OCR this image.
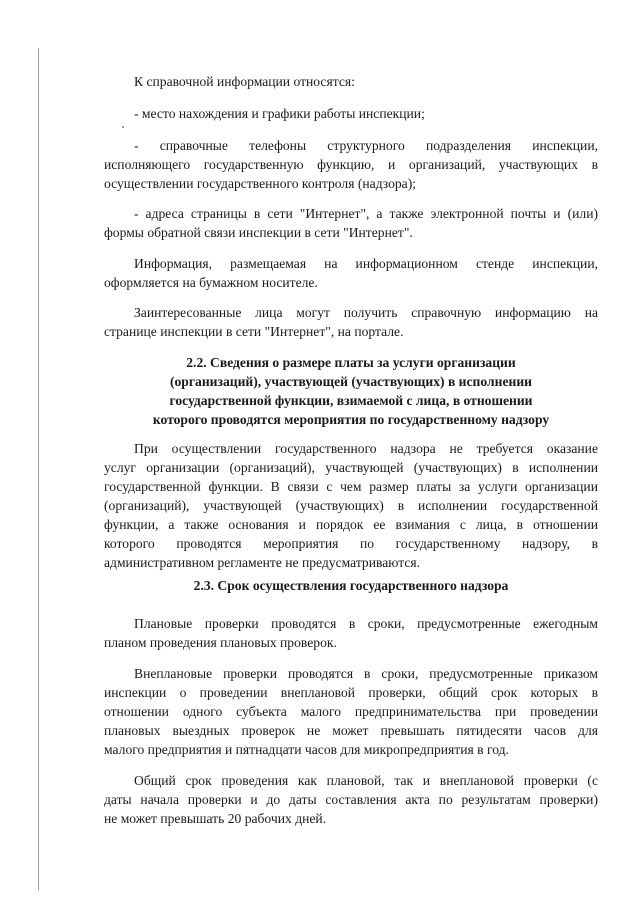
К справочной информации относятся:
- место нахождения и графики работы инспекции;
- справочные телефоны структурного подразделения инспекции,
исполняющего государственную функцию, и организаций, участвующих в
осуществлении государственного контроля (надзора);
- адреса страницы в сети "Интернет", а также электронной почты и (или)
формы обратной связи инспекции в сети "Интернет".
Информация, размещаемая на информационном стенде инспекции,
оформляется на бумажном носителе.
Заинтересованные лица могут получить справочную информацию на
странице инспекции в сети "Интернет", на портале.
2.2. Сведения о размере платы за услуги организации
(организаций), участвующей (участвующих) в исполнении
государственной функции, взимаемой с лица, в отношении
которого проводятся мероприятия по государственному надзору
При осуществлении государственного надзора не требуется оказание
услуг организации (организаций), участвующей (участвующих) в исполнении
государственной функции. В связи с чем размер платы за услуги организации
(организаций), участвующей (участвующих) в исполнении государственной
функции, а также основания и порядок ее взимания с лица, в отношении
которого проводятся мероприятия по государственному надзору, в
административном регламенте не предусматриваются.
2.3. Срок осуществления государственного надзора
Плановые проверки проводятся в сроки, предусмотренные ежегодным
планом проведения плановых проверок.
Внеплановые проверки проводятся в сроки, предусмотренные приказом
инспекции о проведении внеплановой проверки, общий срок которых в
отношении одного субъекта малого предпринимательства при проведении
плановых выездных проверок не может превышать пятидесяти часов для
малого предприятия и пятнадцати часов для микропредприятия в год.
Общий срок проведения как плановой, так и внеплановой проверки (с
даты начала проверки и до даты составления акта по результатам проверки)
не может превышать 20 рабочих дней.
